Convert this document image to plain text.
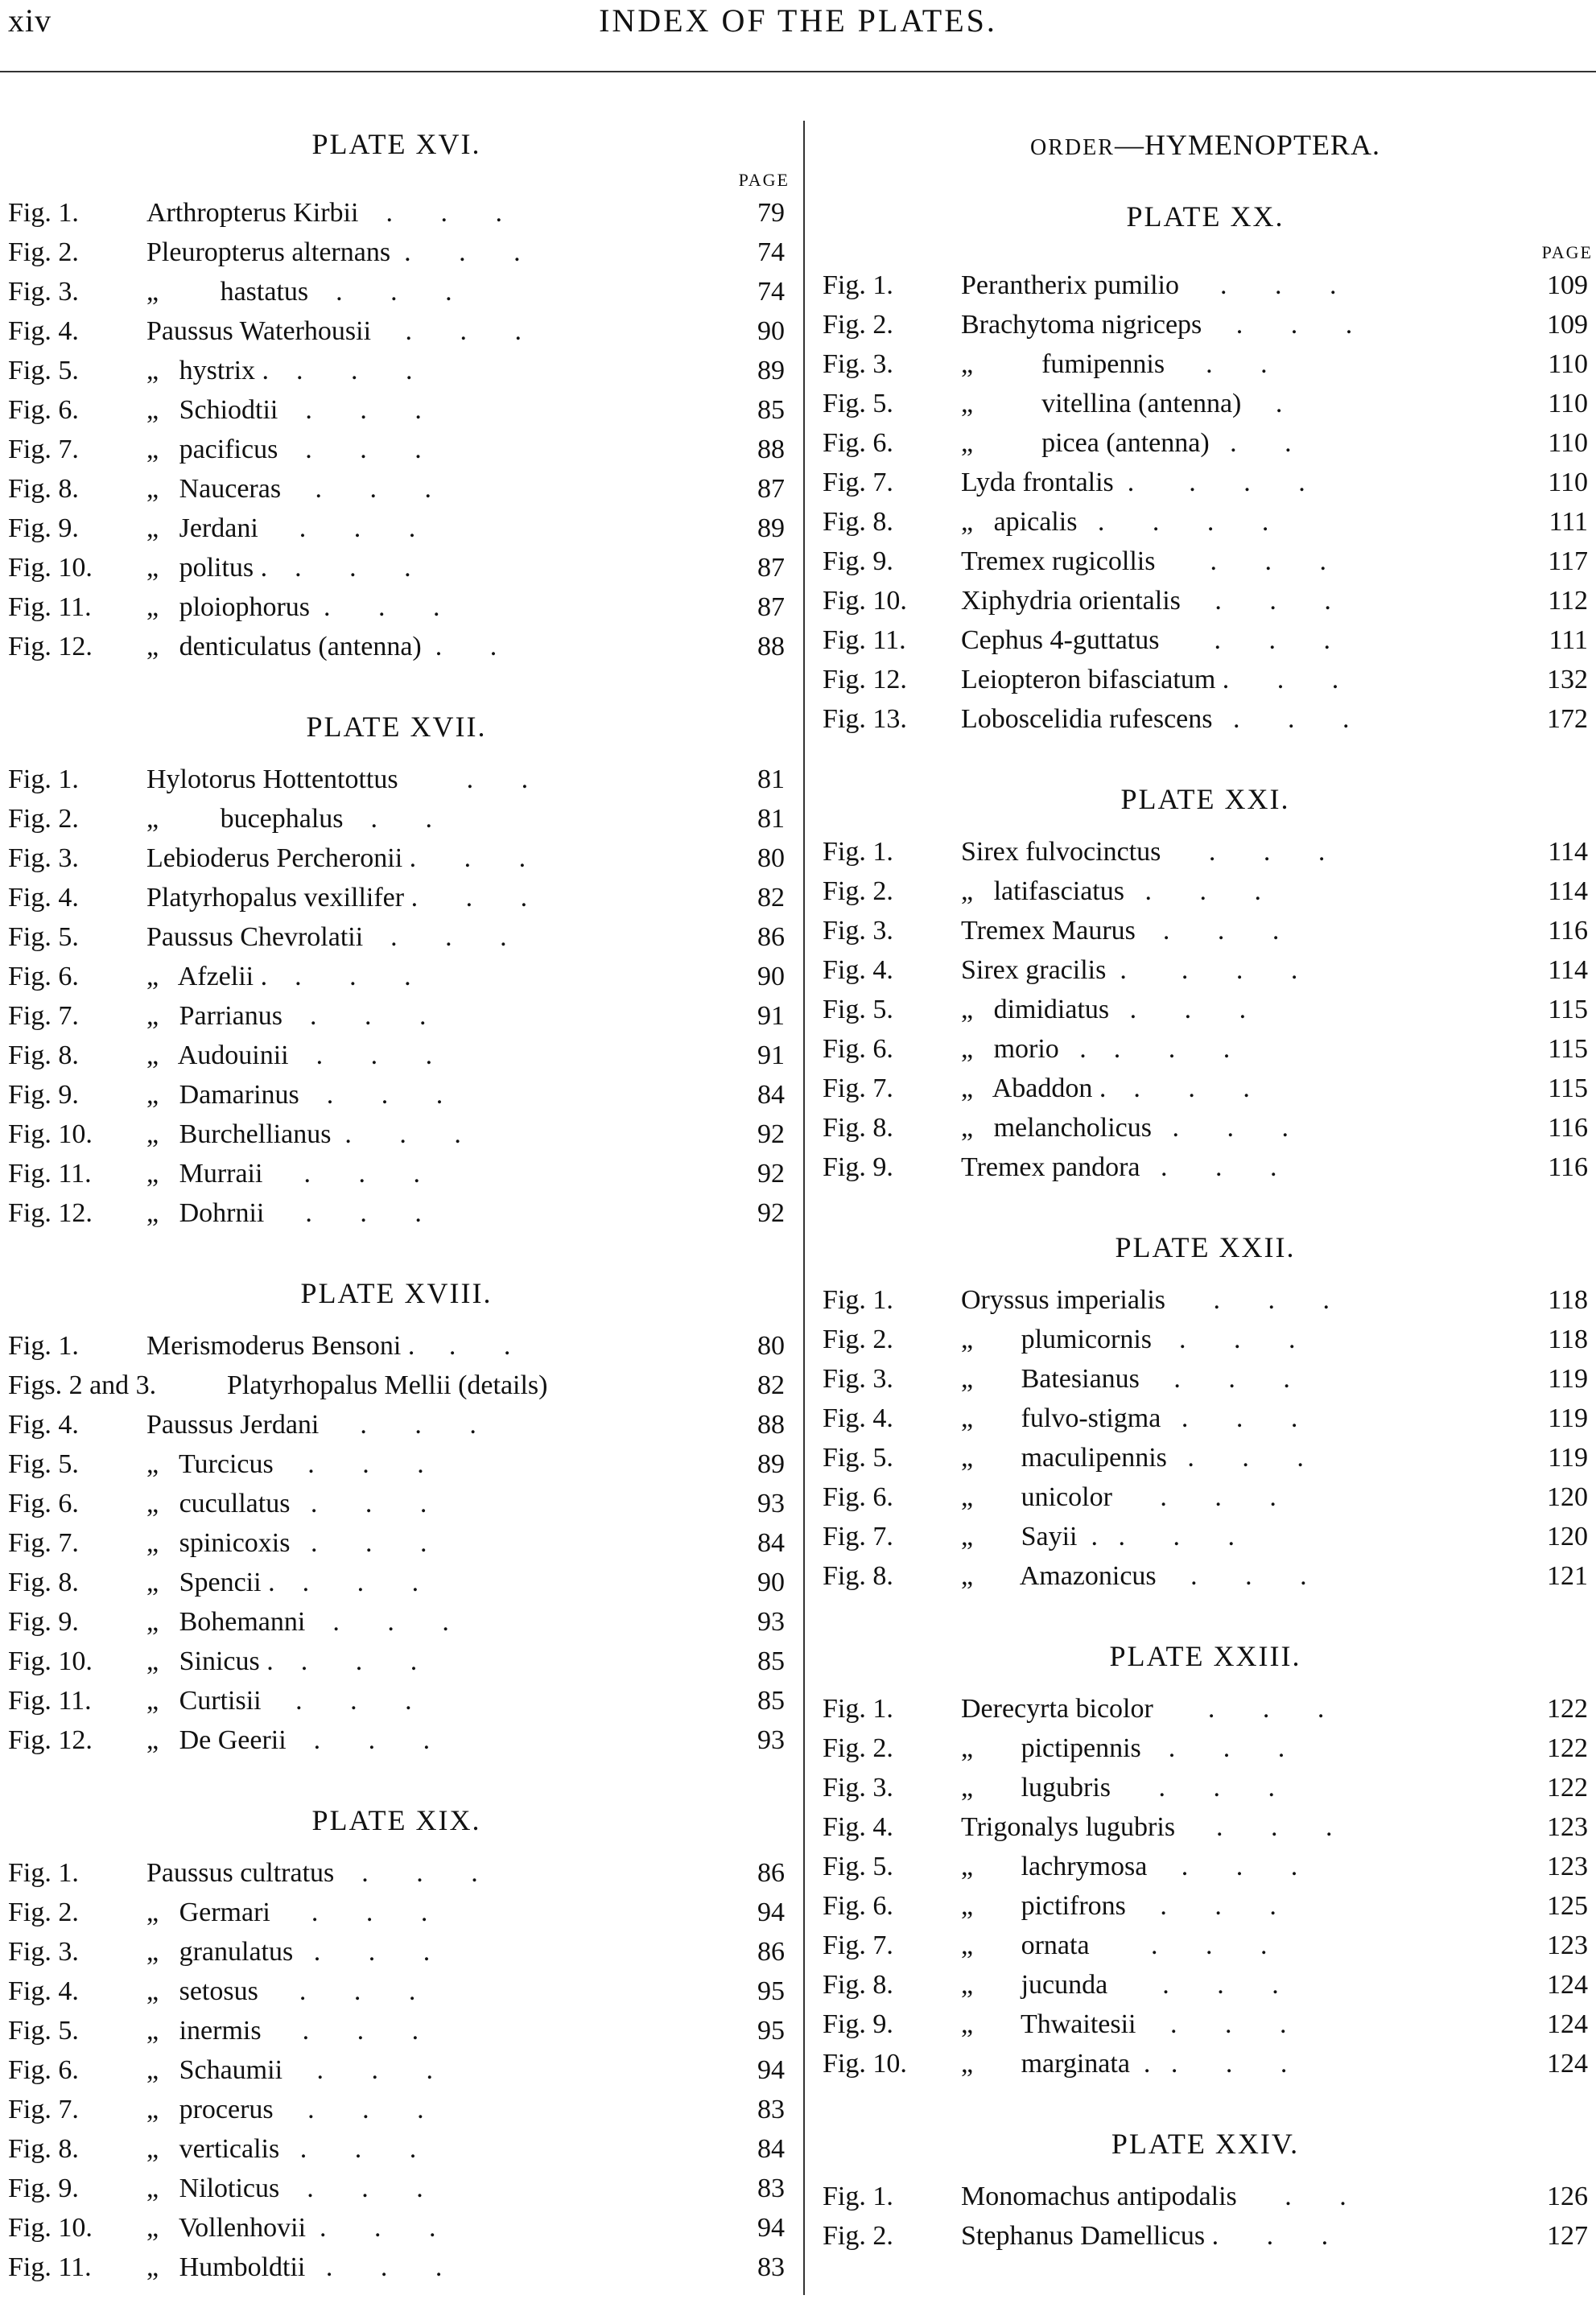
xiv	INDEX OF THE PLATES.
PLATE XVI.
PAGE
Fig. 1. Arthropterus Kirbii    .       .       .	79
Fig. 2. Pleuropterus alternans  .       .       .	74
Fig. 3. „         hastatus    .       .       .	74
Fig. 4. Paussus Waterhousii     .       .       .	90
Fig. 5. „   hystrix .    .       .       .	89
Fig. 6. „   Schiodtii    .       .       .	85
Fig. 7. „   pacificus    .       .       .	88
Fig. 8. „   Nauceras     .       .       .	87
Fig. 9. „   Jerdani      .       .       .	89
Fig. 10. „   politus .    .       .       .	87
Fig. 11. „   ploiophorus  .       .       .	87
Fig. 12. „   denticulatus (antenna)  .       .	88
PLATE XVII.
Fig. 1. Hylotorus Hottentottus          .       .	81
Fig. 2. „         bucephalus    .       .	81
Fig. 3. Lebioderus Percheronii .       .       .	80
Fig. 4. Platyrhopalus vexillifer .       .       .	82
Fig. 5. Paussus Chevrolatii    .       .       .	86
Fig. 6. „   Afzelii .    .       .       .	90
Fig. 7. „   Parrianus    .       .       .	91
Fig. 8. „   Audouinii    .       .       .	91
Fig. 9. „   Damarinus    .       .       .	84
Fig. 10. „   Burchellianus  .       .       .	92
Fig. 11. „   Murraii      .       .       .	92
Fig. 12. „   Dohrnii      .       .       .	92
PLATE XVIII.
Fig. 1. Merismoderus Bensoni .     .       .	80
Figs. 2 and 3.	Platyrhopalus Mellii (details)	82
Fig. 4. Paussus Jerdani      .       .       .	88
Fig. 5. „   Turcicus     .       .       .	89
Fig. 6. „   cucullatus   .       .       .	93
Fig. 7. „   spinicoxis   .       .       .	84
Fig. 8. „   Spencii .    .       .       .	90
Fig. 9. „   Bohemanni    .       .       .	93
Fig. 10. „   Sinicus .    .       .       .	85
Fig. 11. „   Curtisii     .       .       .	85
Fig. 12. „   De Geerii    .       .       .	93
PLATE XIX.
Fig. 1. Paussus cultratus    .       .       .	86
Fig. 2. „   Germari      .       .       .	94
Fig. 3. „   granulatus   .       .       .	86
Fig. 4. „   setosus      .       .       .	95
Fig. 5. „   inermis      .       .       .	95
Fig. 6. „   Schaumii     .       .       .	94
Fig. 7. „   procerus     .       .       .	83
Fig. 8. „   verticalis   .       .       .	84
Fig. 9. „   Niloticus    .       .       .	83
Fig. 10. „   Vollenhovii  .       .       .	94
Fig. 11. „   Humboldtii   .       .       .	83
ORDER—HYMENOPTERA.
PLATE XX.
PAGE
Fig. 1. Perantherix pumilio      .       .       .	109
Fig. 2. Brachytoma nigriceps     .       .       .	109
Fig. 3. „          fumipennis      .       .	110
Fig. 5. „          vitellina (antenna)     .	110
Fig. 6. „          picea (antenna)   .       .	110
Fig. 7. Lyda frontalis  .        .       .       .	110
Fig. 8. „   apicalis   .       .       .       .	111
Fig. 9. Tremex rugicollis        .       .       .	117
Fig. 10. Xiphydria orientalis     .       .       .	112
Fig. 11. Cephus 4-guttatus        .       .       .	111
Fig. 12. Leiopteron bifasciatum .       .       .	132
Fig. 13. Loboscelidia rufescens   .       .       .	172
PLATE XXI.
Fig. 1. Sirex fulvocinctus       .       .       .	114
Fig. 2. „   latifasciatus   .       .       .	114
Fig. 3. Tremex Maurus    .       .       .	116
Fig. 4. Sirex gracilis  .        .       .       .	114
Fig. 5. „   dimidiatus   .       .       .	115
Fig. 6. „   morio   .    .       .       .	115
Fig. 7. „   Abaddon .    .       .       .	115
Fig. 8. „   melancholicus   .       .       .	116
Fig. 9. Tremex pandora   .       .       .	116
PLATE XXII.
Fig. 1. Oryssus imperialis       .       .       .	118
Fig. 2. „       plumicornis    .       .       .	118
Fig. 3. „       Batesianus     .       .       .	119
Fig. 4. „       fulvo-stigma   .       .       .	119
Fig. 5. „       maculipennis   .       .       .	119
Fig. 6. „       unicolor       .       .       .	120
Fig. 7. „       Sayii  .   .       .       .	120
Fig. 8. „       Amazonicus     .       .       .	121
PLATE XXIII.
Fig. 1. Derecyrta bicolor        .       .       .	122
Fig. 2. „       pictipennis    .       .       .	122
Fig. 3. „       lugubris       .       .       .	122
Fig. 4. Trigonalys lugubris      .       .       .	123
Fig. 5. „       lachrymosa     .       .       .	123
Fig. 6. „       pictifrons     .       .       .	125
Fig. 7. „       ornata         .       .       .	123
Fig. 8. „       jucunda        .       .       .	124
Fig. 9. „       Thwaitesii     .       .       .	124
Fig. 10. „       marginata  .   .       .       .	124
PLATE XXIV.
Fig. 1. Monomachus antipodalis       .       .	126
Fig. 2. Stephanus Damellicus .       .       .	127
